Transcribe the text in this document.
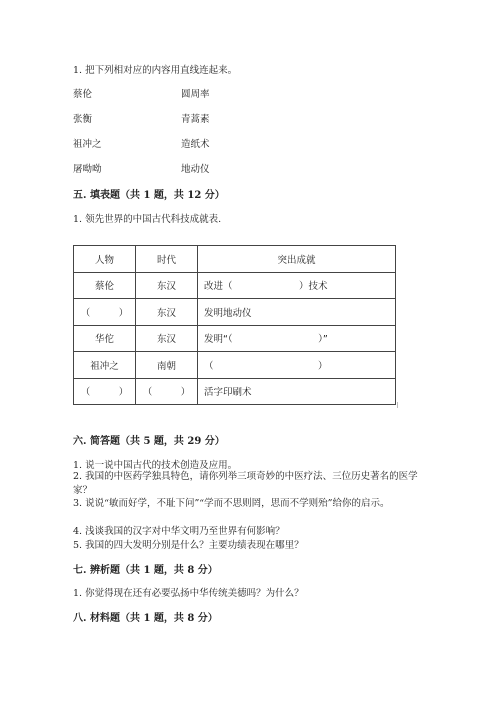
1. 把下列相对应的内容用直线连起来。
蔡伦	圆周率
张衡	青蒿素
祖冲之	造纸术
屠呦呦	地动仪
五. 填表题（共 1 题，共 12 分）
1. 领先世界的中国古代科技成就表.
人物	时代	突出成就
蔡伦	东汉	改进（　　　　　　　）技术
（　　　）	东汉	发明地动仪
华佗	东汉	发明“（　　　　　　　　　）”
祖冲之	南朝	（　　　　　　　　　　　）
（　　　）	（　　　）	活字印刷术
六. 简答题（共 5 题，共 29 分）
1. 说一说中国古代的技术创造及应用。
2. 我国的中医药学独具特色，请你列举三项奇妙的中医疗法、三位历史著名的医学家？
3. 说说“敏而好学，不耻下问”“学而不思则罔，思而不学则殆”给你的启示。
4. 浅谈我国的汉字对中华文明乃至世界有何影响？
5. 我国的四大发明分别是什么？主要功绩表现在哪里？
七. 辨析题（共 1 题，共 8 分）
1. 你觉得现在还有必要弘扬中华传统美德吗？为什么？
八. 材料题（共 1 题，共 8 分）
